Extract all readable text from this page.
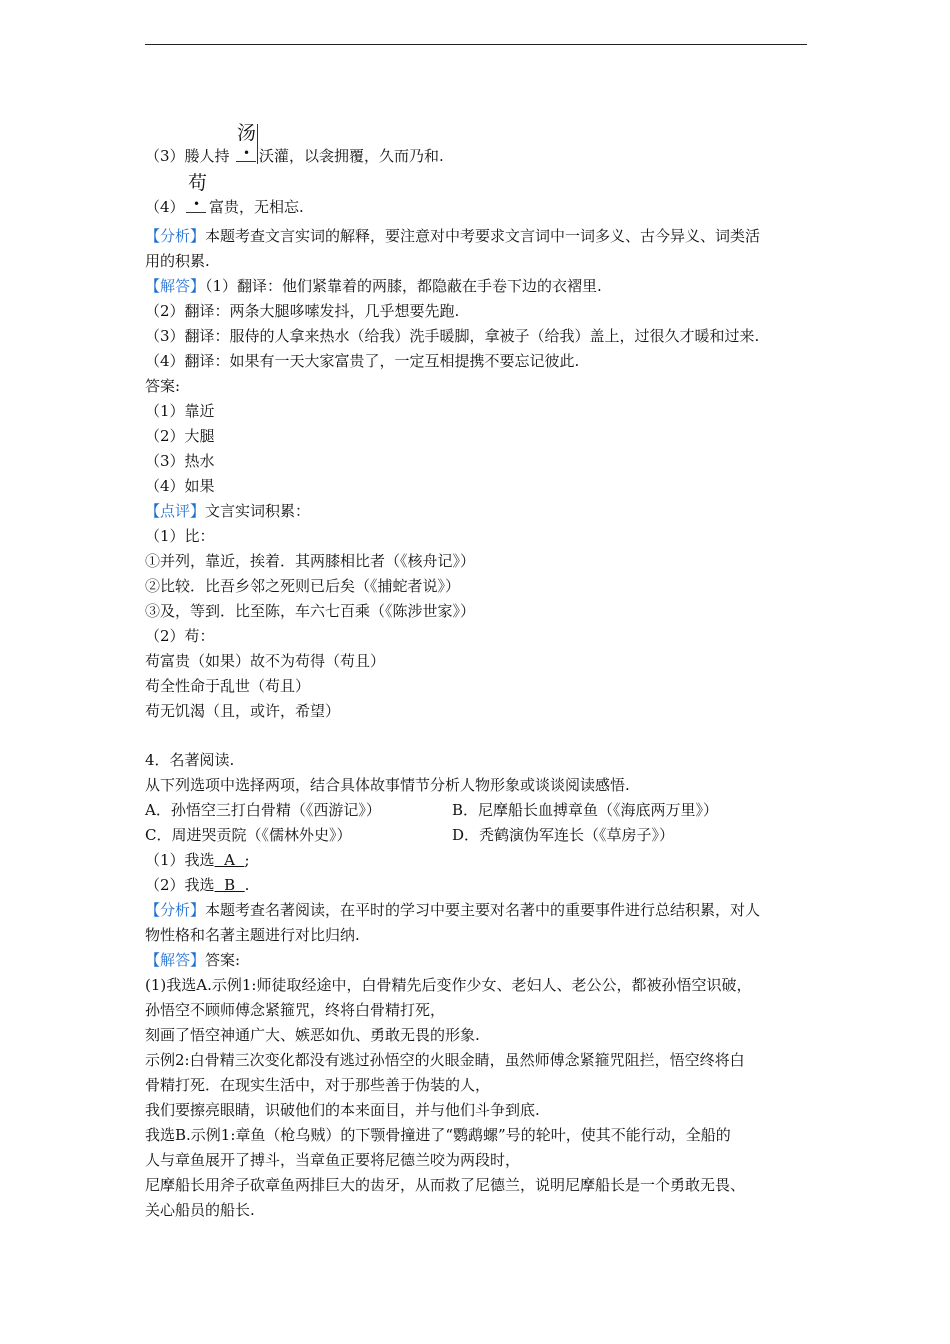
汤
（3）媵人持 • 沃灌，以衾拥覆，久而乃和.
苟
（4） • 富贵，无相忘.
【分析】本题考查文言实词的解释，要注意对中考要求文言词中一词多义、古今异义、词类活
用的积累.
【解答】（1）翻译：他们紧靠着的两膝，都隐蔽在手卷下边的衣褶里.
（2）翻译：两条大腿哆嗦发抖，几乎想要先跑.
（3）翻译：服侍的人拿来热水（给我）洗手暖脚，拿被子（给我）盖上，过很久才暖和过来.
（4）翻译：如果有一天大家富贵了，一定互相提携不要忘记彼此.
答案:
（1）靠近
（2）大腿
（3）热水
（4）如果
【点评】文言实词积累：
（1）比：
①并列，靠近，挨着．其两膝相比者（《核舟记》）
②比较．比吾乡邻之死则已后矣（《捕蛇者说》）
③及，等到．比至陈，车六七百乘（《陈涉世家》）
（2）苟：
苟富贵（如果）故不为苟得（苟且）
苟全性命于乱世（苟且）
苟无饥渴（且，或许，希望）
4．名著阅读.
从下列选项中选择两项，结合具体故事情节分析人物形象或谈谈阅读感悟.
A．孙悟空三打白骨精（《西游记》）	B．尼摩船长血搏章鱼（《海底两万里》）
C．周进哭贡院（《儒林外史》）	D．秃鹤演伪军连长（《草房子》）
（1）我选  A  ;
（2）我选  B  .
【分析】本题考查名著阅读，在平时的学习中要主要对名著中的重要事件进行总结积累，对人
物性格和名著主题进行对比归纳.
【解答】答案:
(1)我选A.示例1:师徒取经途中，白骨精先后变作少女、老妇人、老公公，都被孙悟空识破，
孙悟空不顾师傅念紧箍咒，终将白骨精打死，
刻画了悟空神通广大、嫉恶如仇、勇敢无畏的形象.
示例2:白骨精三次变化都没有逃过孙悟空的火眼金睛，虽然师傅念紧箍咒阻拦，悟空终将白
骨精打死．在现实生活中，对于那些善于伪装的人，
我们要擦亮眼睛，识破他们的本来面目，并与他们斗争到底.
我选B.示例1:章鱼（枪乌贼）的下颚骨撞进了“鹦鹉螺”号的轮叶，使其不能行动，全船的
人与章鱼展开了搏斗，当章鱼正要将尼德兰咬为两段时，
尼摩船长用斧子砍章鱼两排巨大的齿牙，从而救了尼德兰，说明尼摩船长是一个勇敢无畏、
关心船员的船长.
